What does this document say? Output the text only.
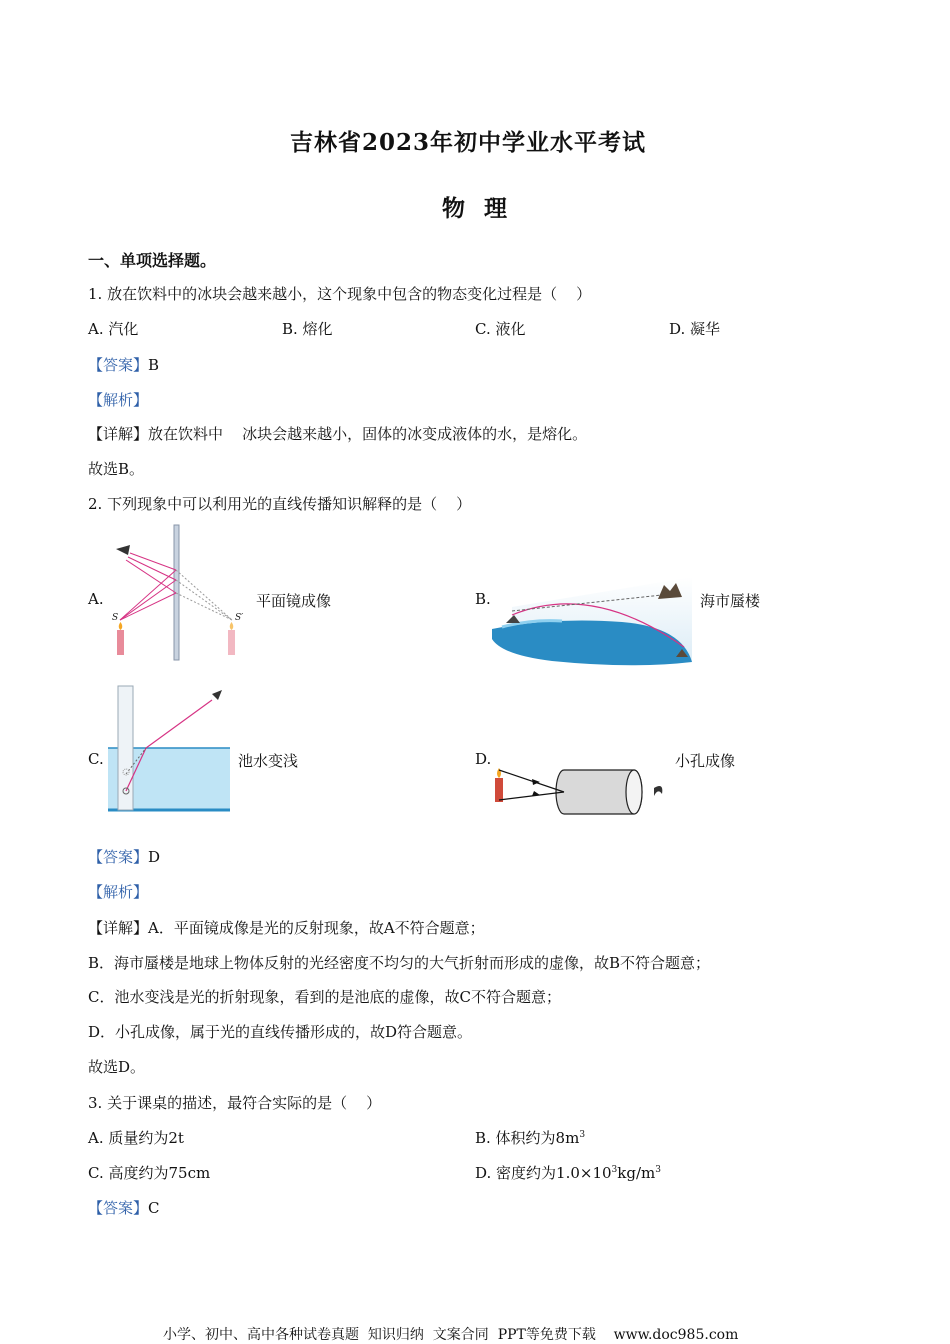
吉林省2023年初中学业水平考试
物  理
一、单项选择题。
1. 放在饮料中的冰块会越来越小，这个现象中包含的物态变化过程是（    ）
A. 汽化	B. 熔化	C. 液化	D. 凝华
【答案】B
【解析】
【详解】放在饮料中    冰块会越来越小，固体的冰变成液体的水，是熔化。
故选B。
2. 下列现象中可以利用光的直线传播知识解释的是（    ）
A.
S	S′
平面镜成像	B.	海市蜃楼
C.	池水变浅	D.	小孔成像
【答案】D
【解析】
【详解】A．平面镜成像是光的反射现象，故A不符合题意；
B．海市蜃楼是地球上物体反射的光经密度不均匀的大气折射而形成的虚像，故B不符合题意；
C．池水变浅是光的折射现象，看到的是池底的虚像，故C不符合题意；
D．小孔成像，属于光的直线传播形成的，故D符合题意。
故选D。
3. 关于课桌的描述，最符合实际的是（    ）
A. 质量约为2t	B. 体积约为$8m^3$
C. 高度约为75cm	D. 密度约为$1.0\times 10^3kg/m^3$
【答案】C
小学、初中、高中各种试卷真题  知识归纳  文案合同  PPT等免费下载    www.doc985.com
